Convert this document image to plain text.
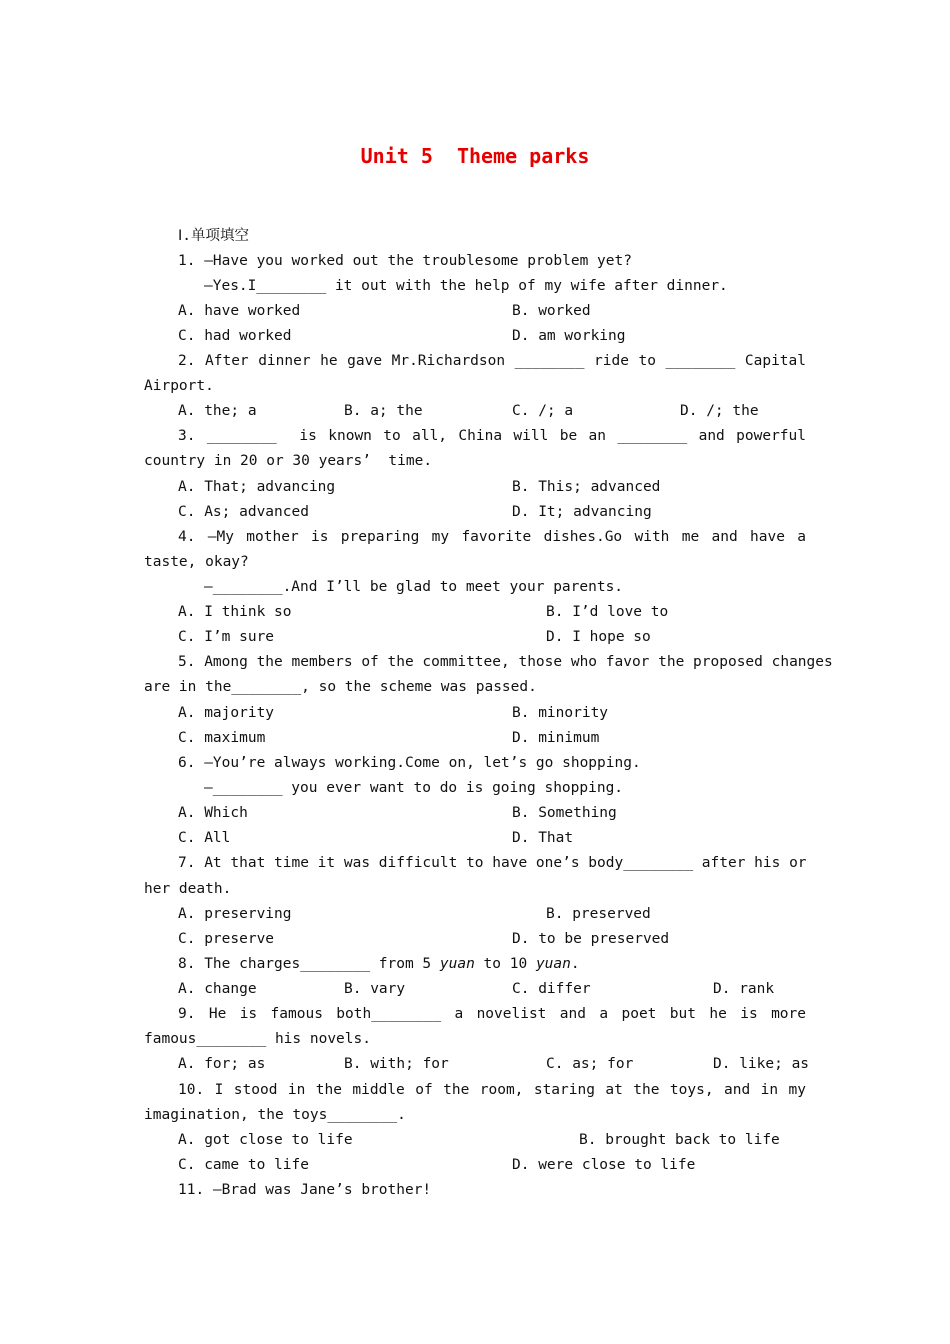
Unit 5  Theme parks
Ⅰ.单项填空
1. —Have you worked out the troublesome problem yet?
—Yes.I________ it out with the help of my wife after dinner.
A. have worked	B. worked
C. had worked	D. am working
2. After dinner he gave Mr.Richardson ________ ride to ________ Capital
Airport.
A. the; a	B. a; the	C. /; a	D. /; the
3. ________  is known to all, China will be an ________ and powerful
country in 20 or 30 years’  time.
A. That; advancing	B. This; advanced
C. As; advanced	D. It; advancing
4. —My mother is preparing my favorite dishes.Go with me and have a
taste, okay?
—________.And I’ll be glad to meet your parents.
A. I think so	B. I’d love to
C. I’m sure	D. I hope so
5. Among the members of the committee, those who favor the proposed changes
are in the________, so the scheme was passed.
A. majority	B. minority
C. maximum	D. minimum
6. —You’re always working.Come on, let’s go shopping.
—________ you ever want to do is going shopping.
A. Which	B. Something
C. All	D. That
7. At that time it was difficult to have one’s body________ after his or
her death.
A. preserving	B. preserved
C. preserve	D. to be preserved
8. The charges________ from 5 yuan to 10 yuan.
A. change	B. vary	C. differ	D. rank
9. He is famous both________ a novelist and a poet but he is more
famous________ his novels.
A. for; as	B. with; for	C. as; for	D. like; as
10. I stood in the middle of the room, staring at the toys, and in my
imagination, the toys________.
A. got close to life	B. brought back to life
C. came to life	D. were close to life
11. —Brad was Jane’s brother!
